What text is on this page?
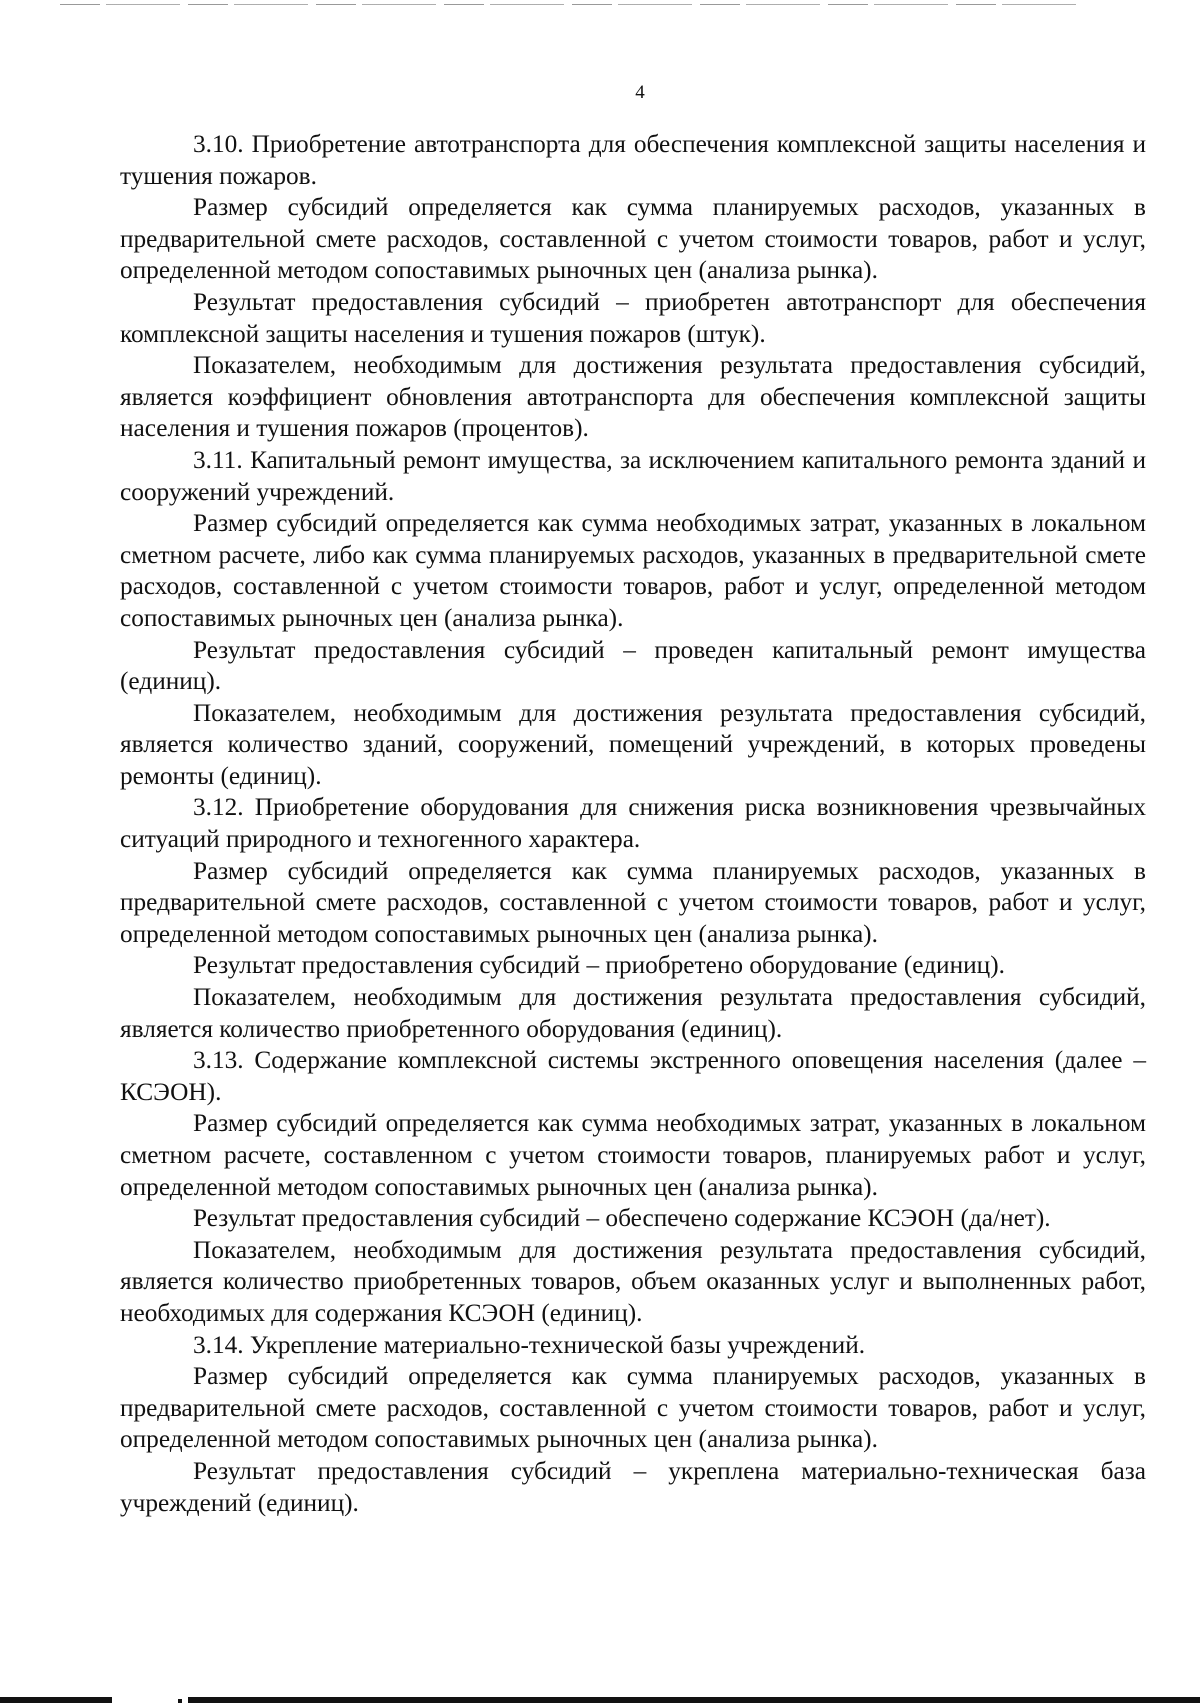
4

3.10. Приобретение автотранспорта для обеспечения комплексной защиты населения и тушения пожаров.

Размер субсидий определяется как сумма планируемых расходов, указанных в предварительной смете расходов, составленной с учетом стоимости товаров, работ и услуг, определенной методом сопоставимых рыночных цен (анализа рынка).

Результат предоставления субсидий – приобретен автотранспорт для обеспечения комплексной защиты населения и тушения пожаров (штук).

Показателем, необходимым для достижения результата предоставления субсидий, является коэффициент обновления автотранспорта для обеспечения комплексной защиты населения и тушения пожаров (процентов).

3.11. Капитальный ремонт имущества, за исключением капитального ремонта зданий и сооружений учреждений.

Размер субсидий определяется как сумма необходимых затрат, указанных в локальном сметном расчете, либо как сумма планируемых расходов, указанных в предварительной смете расходов, составленной с учетом стоимости товаров, работ и услуг, определенной методом сопоставимых рыночных цен (анализа рынка).

Результат предоставления субсидий – проведен капитальный ремонт имущества (единиц).

Показателем, необходимым для достижения результата предоставления субсидий, является количество зданий, сооружений, помещений учреждений, в которых проведены ремонты (единиц).

3.12. Приобретение оборудования для снижения риска возникновения чрезвычайных ситуаций природного и техногенного характера.

Размер субсидий определяется как сумма планируемых расходов, указанных в предварительной смете расходов, составленной с учетом стоимости товаров, работ и услуг, определенной методом сопоставимых рыночных цен (анализа рынка).

Результат предоставления субсидий – приобретено оборудование (единиц).

Показателем, необходимым для достижения результата предоставления субсидий, является количество приобретенного оборудования (единиц).

3.13. Содержание комплексной системы экстренного оповещения населения (далее – КСЭОН).

Размер субсидий определяется как сумма необходимых затрат, указанных в локальном сметном расчете, составленном с учетом стоимости товаров, планируемых работ и услуг, определенной методом сопоставимых рыночных цен (анализа рынка).

Результат предоставления субсидий – обеспечено содержание КСЭОН (да/нет).

Показателем, необходимым для достижения результата предоставления субсидий, является количество приобретенных товаров, объем оказанных услуг и выполненных работ, необходимых для содержания КСЭОН (единиц).

3.14. Укрепление материально-технической базы учреждений.

Размер субсидий определяется как сумма планируемых расходов, указанных в предварительной смете расходов, составленной с учетом стоимости товаров, работ и услуг, определенной методом сопоставимых рыночных цен (анализа рынка).

Результат предоставления субсидий – укреплена материально-техническая база учреждений (единиц).
